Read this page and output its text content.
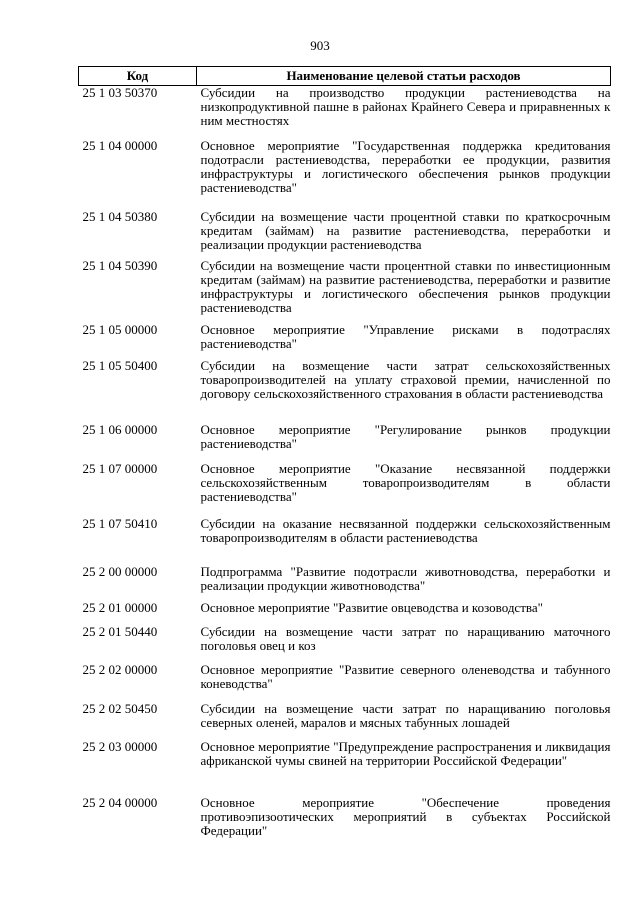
903
Код	Наименование целевой статьи расходов
25 1 03 50370	Субсидии на производство продукции растениеводства на низкопродуктивной пашне в районах Крайнего Севера и приравненных к ним местностях
25 1 04 00000	Основное мероприятие "Государственная поддержка кредитования подотрасли растениеводства, переработки ее продукции, развития инфраструктуры и логистического обеспечения рынков продукции растениеводства"
25 1 04 50380	Субсидии на возмещение части процентной ставки по краткосрочным кредитам (займам) на развитие растениеводства, переработки и реализации продукции растениеводства
25 1 04 50390	Субсидии на возмещение части процентной ставки по инвестиционным кредитам (займам) на развитие растениеводства, переработки и развитие инфраструктуры и логистического обеспечения рынков продукции растениеводства
25 1 05 00000	Основное мероприятие "Управление рисками в подотраслях растениеводства"
25 1 05 50400	Субсидии на возмещение части затрат сельскохозяйственных товаропроизводителей на уплату страховой премии, начисленной по договору сельскохозяйственного страхования в области растениеводства
25 1 06 00000	Основное мероприятие "Регулирование рынков продукции растениеводства"
25 1 07 00000	Основное мероприятие "Оказание несвязанной поддержки сельскохозяйственным товаропроизводителям в области растениеводства"
25 1 07 50410	Субсидии на оказание несвязанной поддержки сельскохозяйственным товаропроизводителям в области растениеводства
25 2 00 00000	Подпрограмма "Развитие подотрасли животноводства, переработки и реализации продукции животноводства"
25 2 01 00000	Основное мероприятие "Развитие овцеводства и козоводства"
25 2 01 50440	Субсидии на возмещение части затрат по наращиванию маточного поголовья овец и коз
25 2 02 00000	Основное мероприятие "Развитие северного оленеводства и табунного коневодства"
25 2 02 50450	Субсидии на возмещение части затрат по наращиванию поголовья северных оленей, маралов и мясных табунных лошадей
25 2 03 00000	Основное мероприятие "Предупреждение распространения и ликвидация африканской чумы свиней на территории Российской Федерации"
25 2 04 00000	Основное мероприятие "Обеспечение проведения противоэпизоотических мероприятий в субъектах Российской Федерации"
